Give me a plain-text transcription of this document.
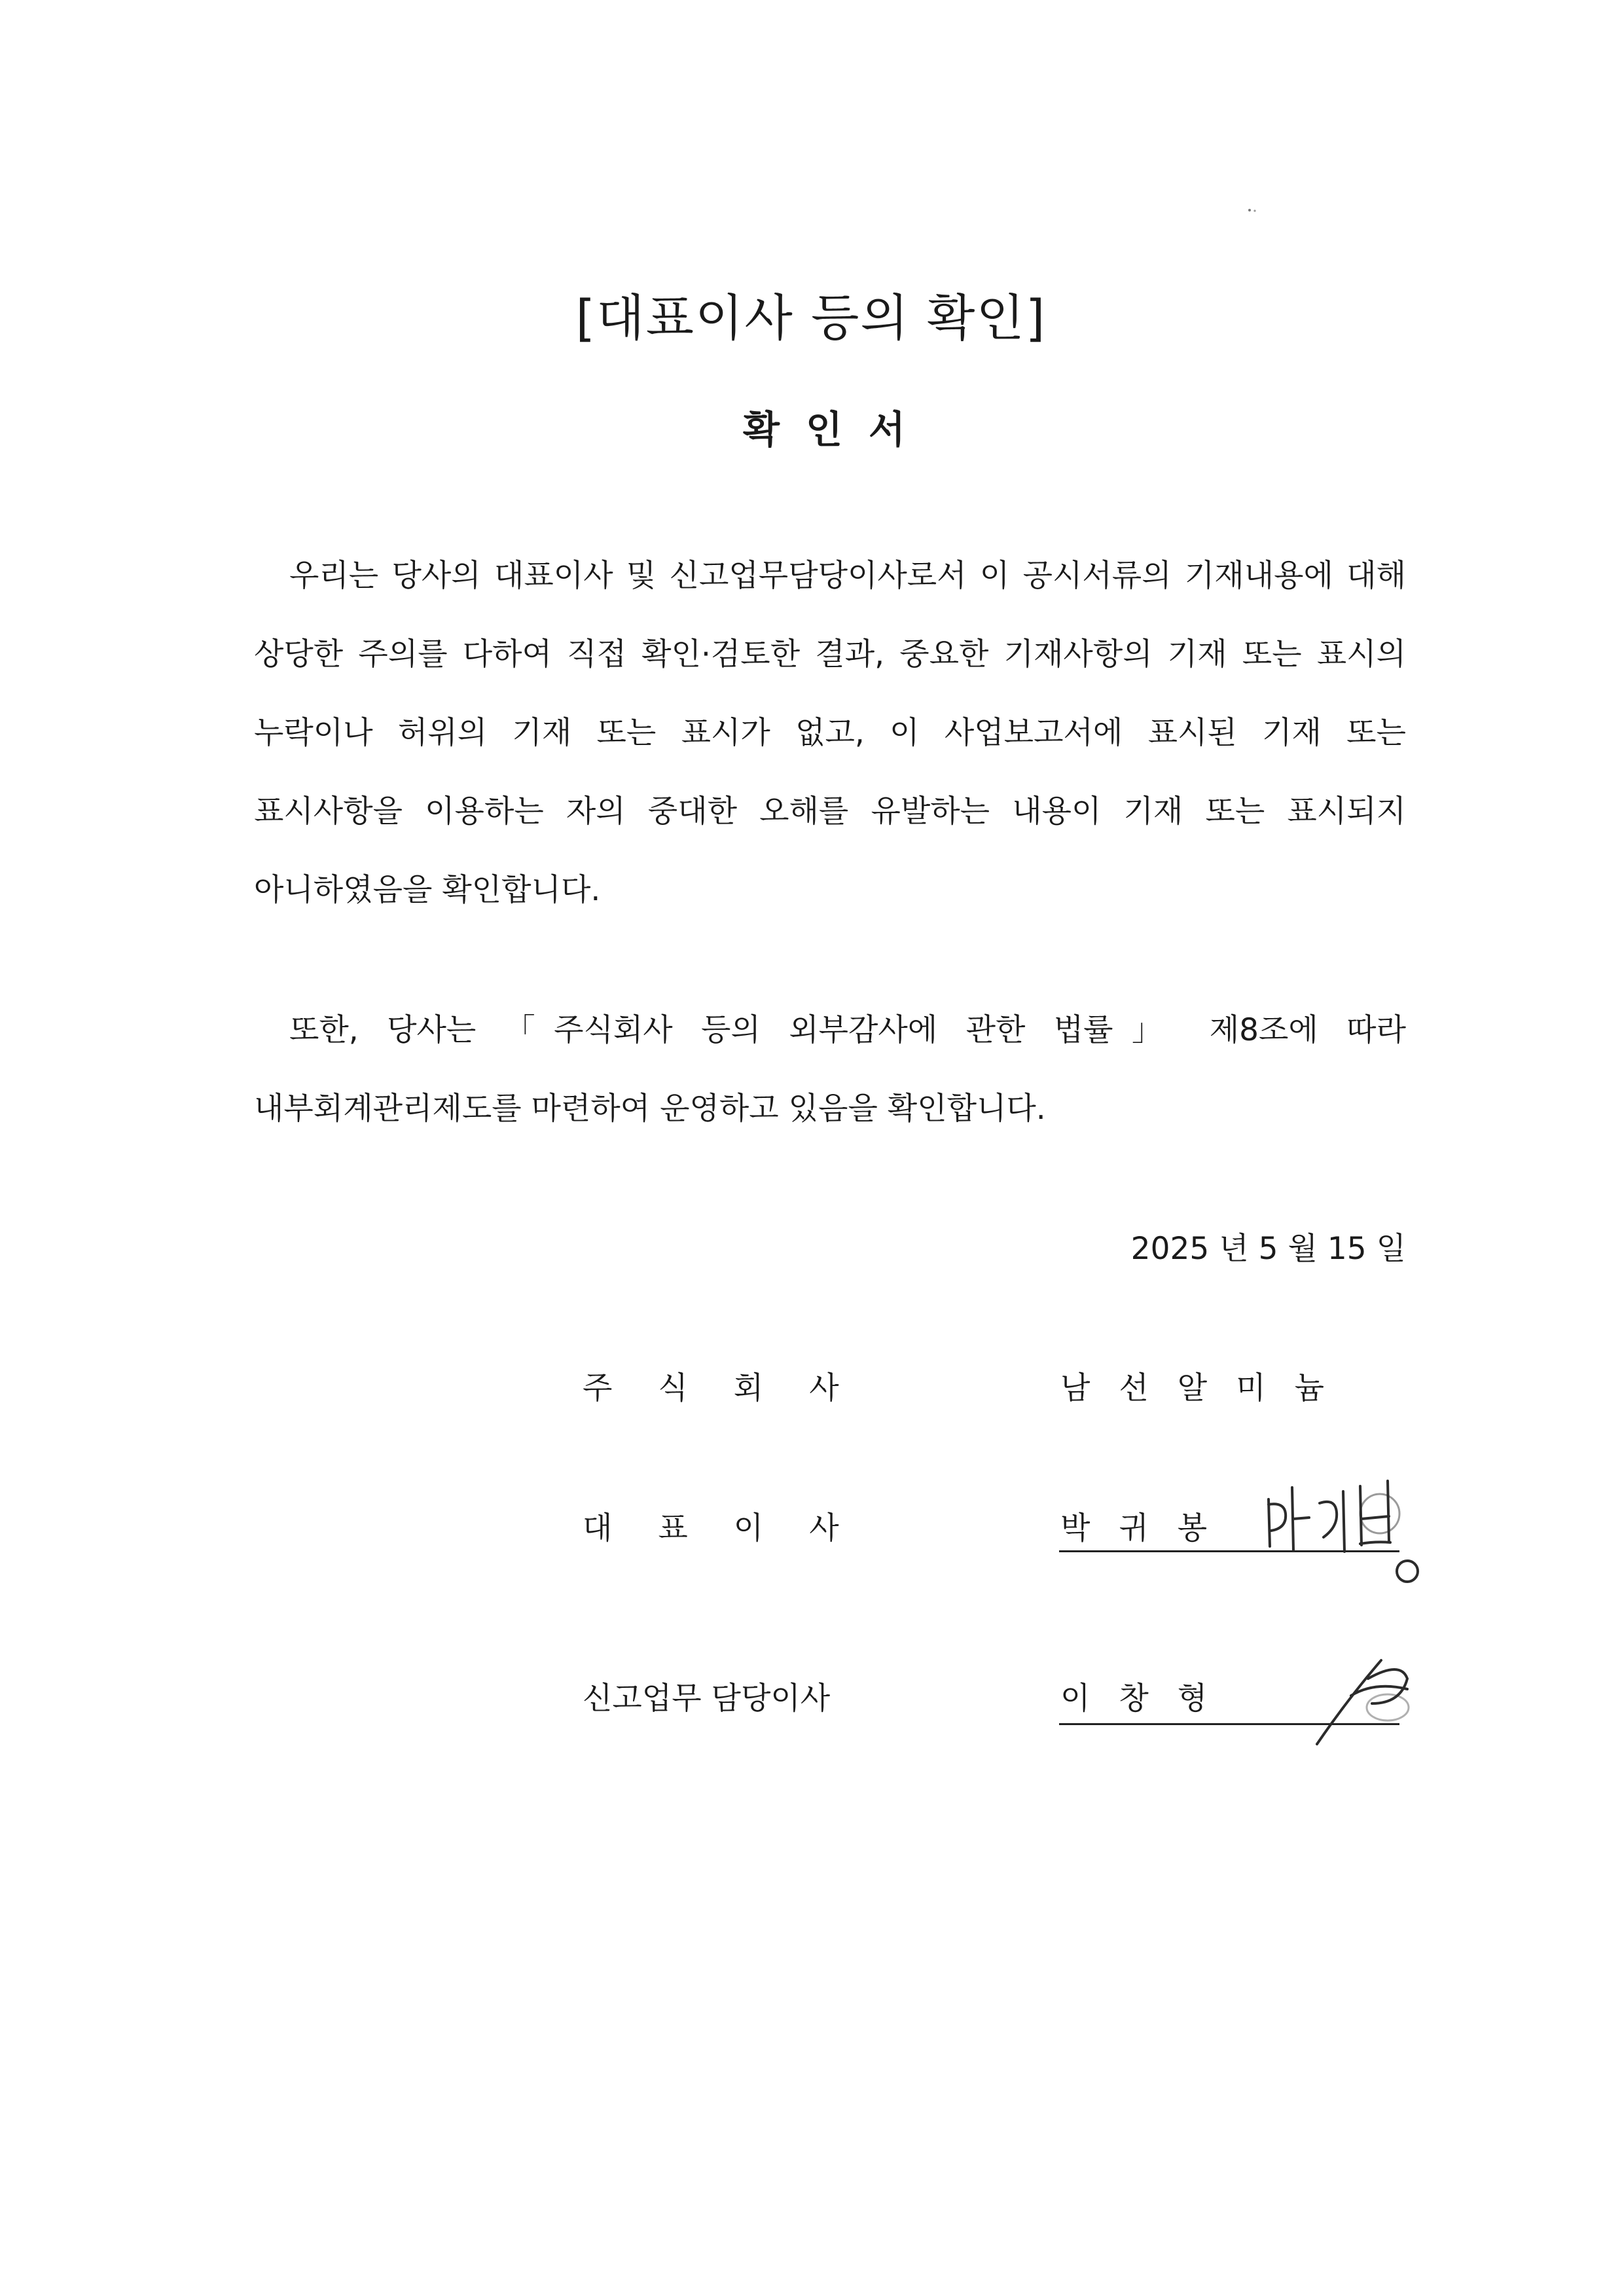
[대표이사 등의 확인]
확인서
우리는 당사의 대표이사 및 신고업무담당이사로서 이 공시서류의 기재내용에 대해 상당한 주의를 다하여 직접 확인·검토한 결과, 중요한 기재사항의 기재 또는 표시의 누락이나 허위의 기재 또는 표시가 없고, 이 사업보고서에 표시된 기재 또는 표시사항을 이용하는 자의 중대한 오해를 유발하는 내용이 기재 또는 표시되지 아니하였음을 확인합니다.
또한, 당사는 「주식회사 등의 외부감사에 관한 법률」 제8조에 따라 내부회계관리제도를 마련하여 운영하고 있음을 확인합니다.
2025 년 5 월 15 일
주식회사	남선알미늄
대표이사	박귀봉
신고업무 담당이사	이창형
